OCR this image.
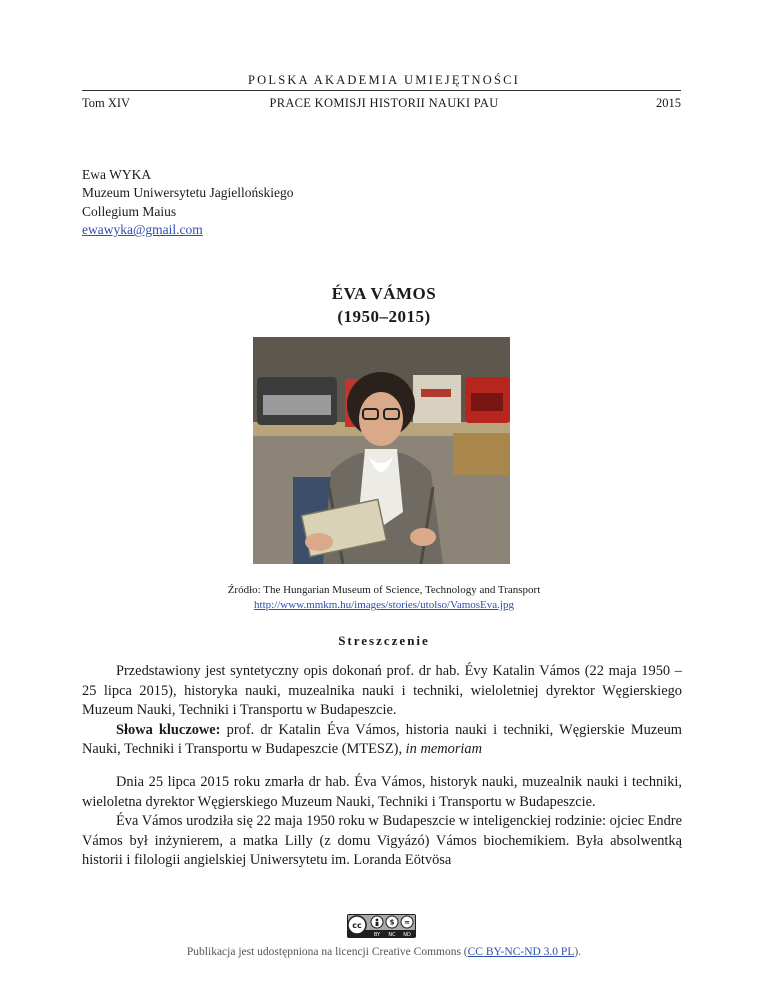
POLSKA AKADEMIA UMIEJĘTNOŚCI
Tom XIV	PRACE KOMISJI HISTORII NAUKI PAU	2015
Ewa WYKA
Muzeum Uniwersytetu Jagiellońskiego
Collegium Maius
ewawyka@gmail.com
ÉVA VÁMOS
(1950–2015)
Źródło: The Hungarian Museum of Science, Technology and Transport
http://www.mmkm.hu/images/stories/utolso/VamosEva.jpg
Streszczenie

Przedstawiony jest syntetyczny opis dokonań prof. dr hab. Évy Katalin Vámos (22 maja 1950 – 25 lipca 2015), historyka nauki, muzealnika nauki i techniki, wieloletniej dyrektor Węgierskiego Muzeum Nauki, Techniki i Transportu w Budapeszcie.

Słowa kluczowe: prof. dr Katalin Éva Vámos, historia nauki i techniki, Węgierskie Muzeum Nauki, Techniki i Transportu w Budapeszcie (MTESZ), in memoriam

Dnia 25 lipca 2015 roku zmarła dr hab. Éva Vámos, historyk nauki, muzealnik nauki i techniki, wieloletna dyrektor Węgierskiego Muzeum Nauki, Techniki i Transportu w Budapeszcie.

Éva Vámos urodziła się 22 maja 1950 roku w Budapeszcie w inteligenckiej rodzinie: ojciec Endre Vámos był inżynierem, a matka Lilly (z domu Vigyázó) Vámos biochemikiem. Była absolwentką historii i filologii angielskiej Uniwersytetu im. Loranda Eötvösa

cc	$ =
BY NC ND
Publikacja jest udostępniona na licencji Creative Commons (CC BY-NC-ND 3.0 PL).
